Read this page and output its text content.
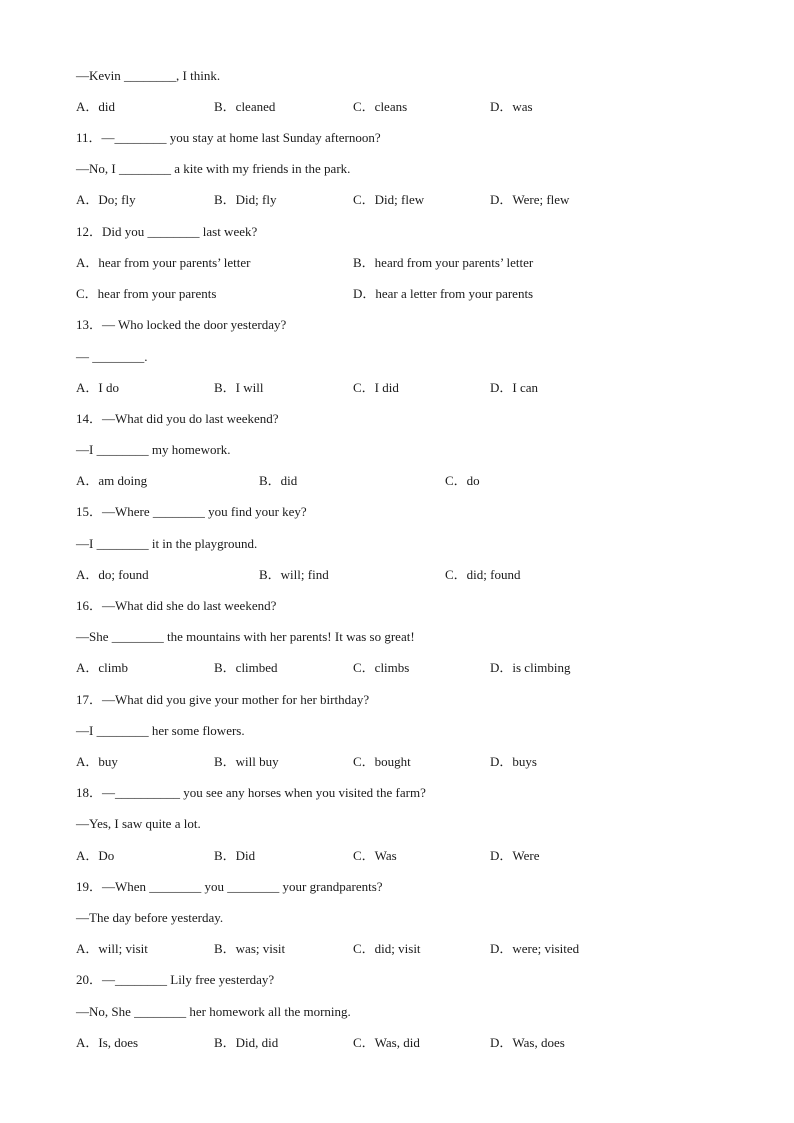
—Kevin ________, I think.
A．did	B．cleaned	C．cleans	D．was
11．—________ you stay at home last Sunday afternoon?
—No, I ________ a kite with my friends in the park.
A．Do; fly	B．Did; fly	C．Did; flew	D．Were; flew
12．Did you ________ last week?
A．hear from your parents’ letter	B．heard from your parents’ letter
C．hear from your parents	D．hear a letter from your parents
13．— Who locked the door yesterday?
— ________.
A．I do	B．I will	C．I did	D．I can
14．—What did you do last weekend?
—I ________ my homework.
A．am doing	B．did	C．do
15．—Where ________ you find your key?
—I ________ it in the playground.
A．do; found	B．will; find	C．did; found
16．—What did she do last weekend?
—She ________ the mountains with her parents! It was so great!
A．climb	B．climbed	C．climbs	D．is climbing
17．—What did you give your mother for her birthday?
—I ________ her some flowers.
A．buy	B．will buy	C．bought	D．buys
18．—__________ you see any horses when you visited the farm?
—Yes, I saw quite a lot.
A．Do	B．Did	C．Was	D．Were
19．—When ________ you ________ your grandparents?
—The day before yesterday.
A．will; visit	B．was; visit	C．did; visit	D．were; visited
20．—________ Lily free yesterday?
—No, She ________ her homework all the morning.
A．Is, does	B．Did, did	C．Was, did	D．Was, does
